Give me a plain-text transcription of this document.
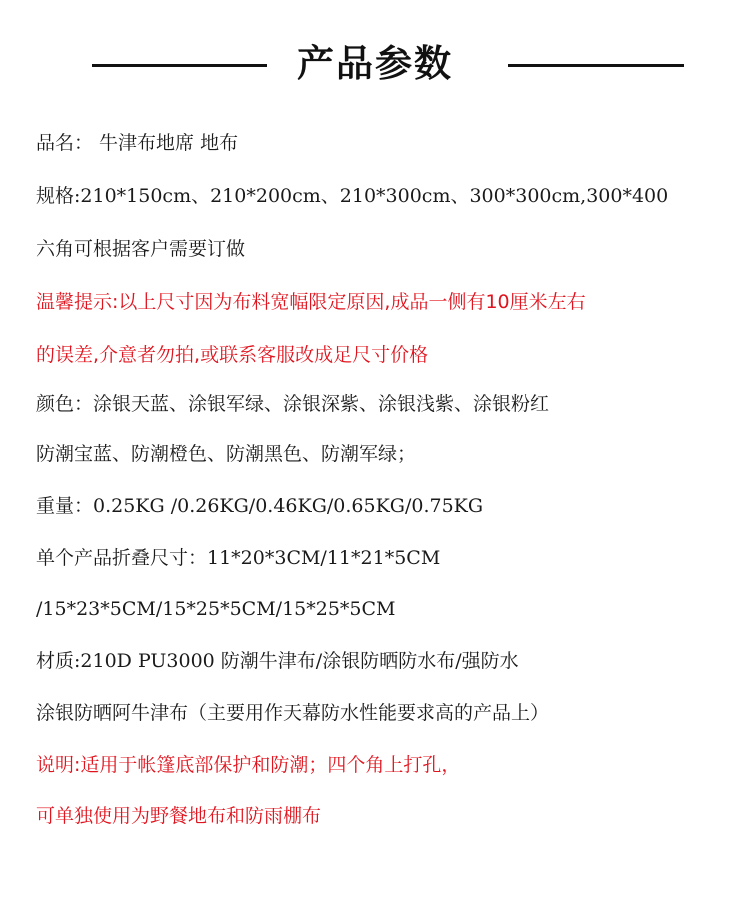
产品参数
品名： 牛津布地席 地布
规格:210*150cm、210*200cm、210*300cm、300*300cm,300*400
六角可根据客户需要订做
温馨提示:以上尺寸因为布料宽幅限定原因,成品一侧有10厘米左右
的误差,介意者勿拍,或联系客服改成足尺寸价格
颜色：涂银天蓝、涂银军绿、涂银深紫、涂银浅紫、涂银粉红
防潮宝蓝、防潮橙色、防潮黑色、防潮军绿；
重量：0.25KG /0.26KG/0.46KG/0.65KG/0.75KG
单个产品折叠尺寸：11*20*3CM/11*21*5CM
/15*23*5CM/15*25*5CM/15*25*5CM
材质:210D PU3000 防潮牛津布/涂银防晒防水布/强防水
涂银防晒阿牛津布（主要用作天幕防水性能要求高的产品上）
说明:适用于帐篷底部保护和防潮；四个角上打孔，
可单独使用为野餐地布和防雨棚布
